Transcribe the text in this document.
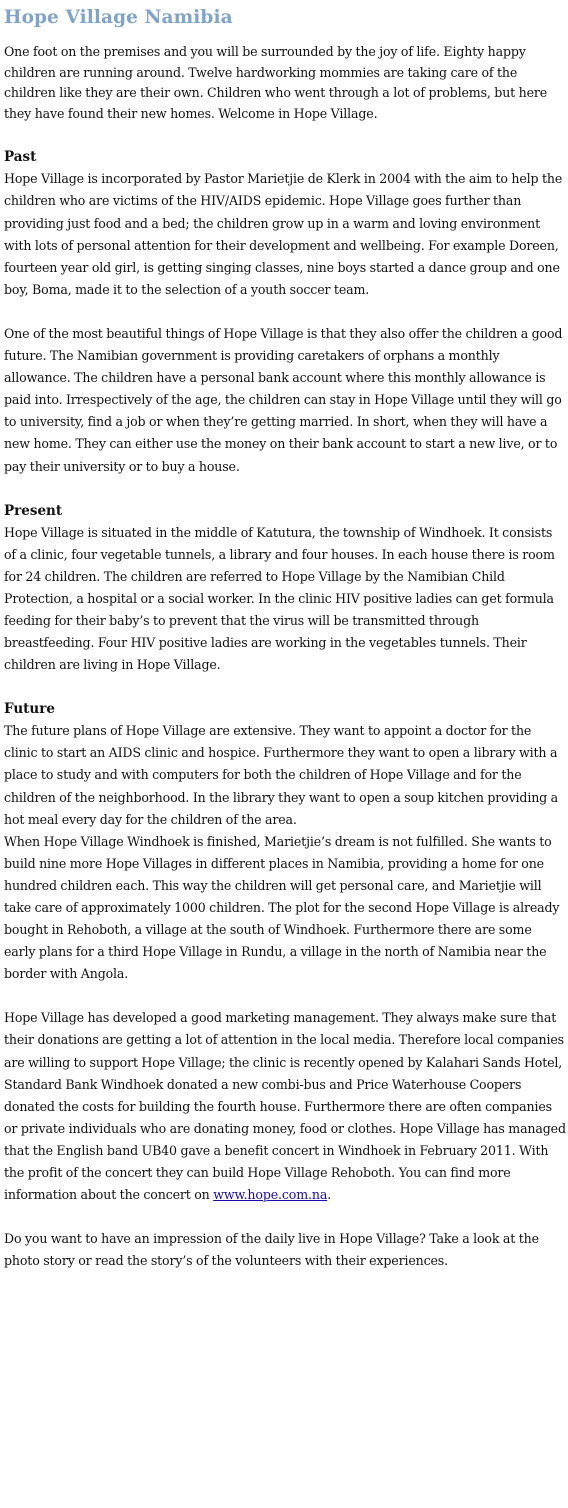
Hope Village Namibia

One foot on the premises and you will be surrounded by the joy of life. Eighty happy children are running around. Twelve hardworking mommies are taking care of the children like they are their own. Children who went through a lot of problems, but here they have found their new homes. Welcome in Hope Village.

Past

Hope Village is incorporated by Pastor Marietjie de Klerk in 2004 with the aim to help the children who are victims of the HIV/AIDS epidemic. Hope Village goes further than providing just food and a bed; the children grow up in a warm and loving environment with lots of personal attention for their development and wellbeing. For example Doreen, fourteen year old girl, is getting singing classes, nine boys started a dance group and one boy, Boma, made it to the selection of a youth soccer team.

One of the most beautiful things of Hope Village is that they also offer the children a good future. The Namibian government is providing caretakers of orphans a monthly allowance. The children have a personal bank account where this monthly allowance is paid into. Irrespectively of the age, the children can stay in Hope Village until they will go to university, find a job or when they’re getting married. In short, when they will have a new home. They can either use the money on their bank account to start a new live, or to pay their university or to buy a house.

Present

Hope Village is situated in the middle of Katutura, the township of Windhoek. It consists of a clinic, four vegetable tunnels, a library and four houses. In each house there is room for 24 children. The children are referred to Hope Village by the Namibian Child Protection, a hospital or a social worker. In the clinic HIV positive ladies can get formula feeding for their baby’s to prevent that the virus will be transmitted through breastfeeding. Four HIV positive ladies are working in the vegetables tunnels. Their children are living in Hope Village.

Future

The future plans of Hope Village are extensive. They want to appoint a doctor for the clinic to start an AIDS clinic and hospice. Furthermore they want to open a library with a place to study and with computers for both the children of Hope Village and for the children of the neighborhood. In the library they want to open a soup kitchen providing a hot meal every day for the children of the area.

When Hope Village Windhoek is finished, Marietjie’s dream is not fulfilled. She wants to build nine more Hope Villages in different places in Namibia, providing a home for one hundred children each. This way the children will get personal care, and Marietjie will take care of approximately 1000 children. The plot for the second Hope Village is already bought in Rehoboth, a village at the south of Windhoek. Furthermore there are some early plans for a third Hope Village in Rundu, a village in the north of Namibia near the border with Angola.

Hope Village has developed a good marketing management. They always make sure that their donations are getting a lot of attention in the local media. Therefore local companies are willing to support Hope Village; the clinic is recently opened by Kalahari Sands Hotel, Standard Bank Windhoek donated a new combi-bus and Price Waterhouse Coopers donated the costs for building the fourth house. Furthermore there are often companies or private individuals who are donating money, food or clothes. Hope Village has managed that the English band UB40 gave a benefit concert in Windhoek in February 2011. With the profit of the concert they can build Hope Village Rehoboth. You can find more information about the concert on www.hope.com.na.

Do you want to have an impression of the daily live in Hope Village? Take a look at the photo story or read the story’s of the volunteers with their experiences.
